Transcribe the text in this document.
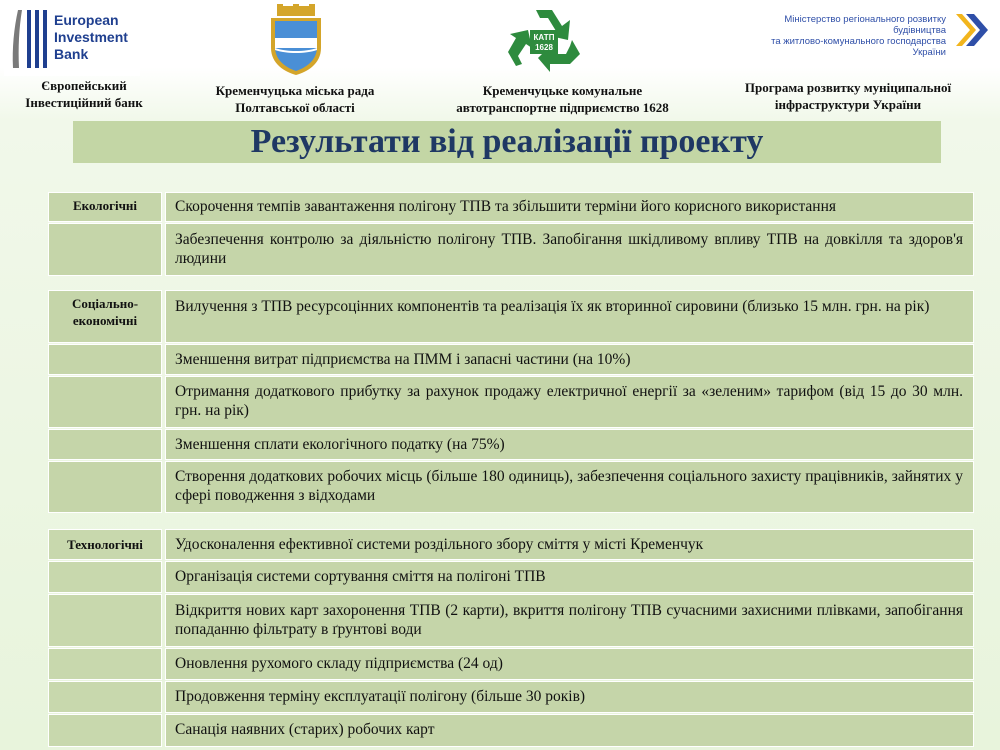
European
Investment
Bank
Європейський
Інвестиційний банк
Кременчуцька міська рада
Полтавської області
КАТП
1628
Кременчуцьке комунальне
автотранспортне підприємство 1628
Міністерство регіонального розвитку
будівництва
та житлово-комунального господарства
України
Програма розвитку муніципальної
інфраструктури України
Результати від реалізації проекту
Екологічні	Скорочення темпів завантаження полігону ТПВ та збільшити терміни його корисного використання
Забезпечення контролю за діяльністю полігону ТПВ. Запобігання шкідливому впливу ТПВ на довкілля та здоров'я людини
Соціально-економічні
Вилучення з ТПВ ресурсоцінних компонентів та реалізація їх як вторинної сировини (близько 15 млн. грн. на рік)
Зменшення витрат підприємства на ПММ і запасні частини (на 10%)
Отримання додаткового прибутку за рахунок продажу електричної енергії за «зеленим» тарифом (від 15 до 30 млн. грн. на рік)
Зменшення сплати екологічного податку (на 75%)
Створення додаткових робочих місць (більше 180 одиниць), забезпечення соціального захисту працівників, зайнятих у сфері поводження з відходами
Технологічні	Удосконалення ефективної системи роздільного збору сміття у місті Кременчук
Організація системи сортування сміття на полігоні ТПВ
Відкриття нових карт захоронення ТПВ (2 карти), вкриття полігону ТПВ сучасними захисними плівками, запобігання попаданню фільтрату в ґрунтові води
Оновлення рухомого складу підприємства (24 од)
Продовження терміну експлуатації полігону (більше 30 років)
Санація наявних (старих) робочих карт
